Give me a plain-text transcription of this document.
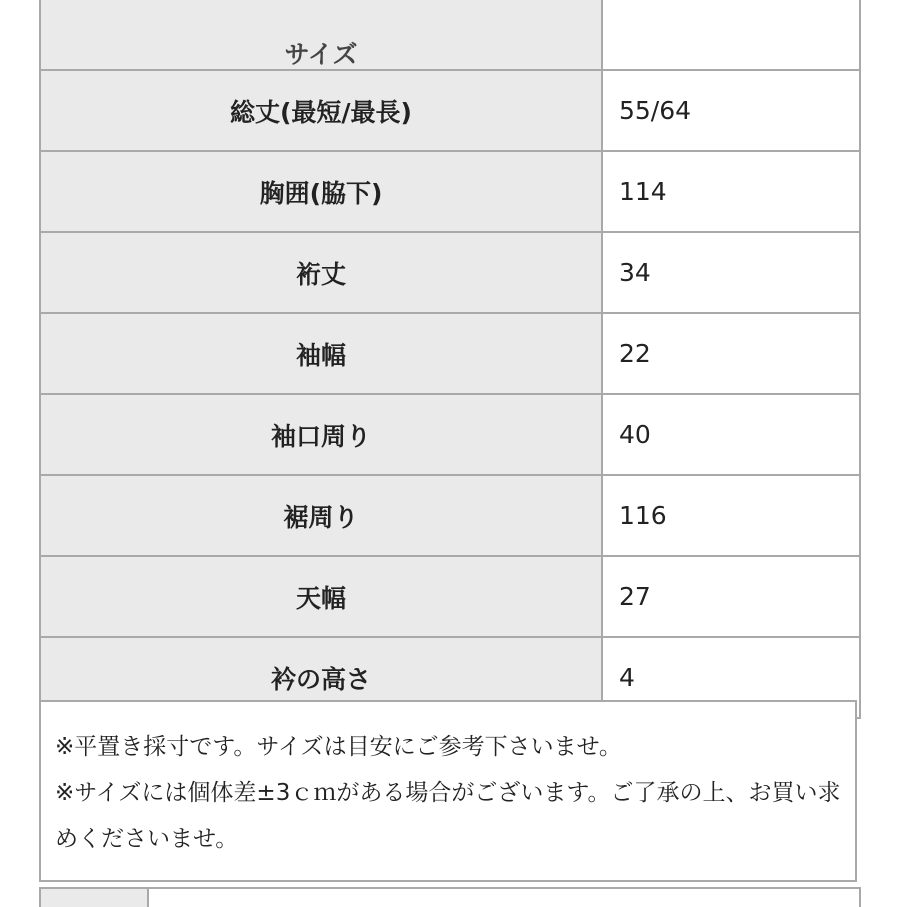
サイズ	
総丈(最短/最長)	55/64
胸囲(脇下)	114
裄丈	34
袖幅	22
袖口周り	40
裾周り	116
天幅	27
衿の高さ	4

※平置き採寸です。サイズは目安にご参考下さいませ。

※サイズには個体差±3ｃｍがある場合がございます。ご了承の上、お買い求めくださいませ。
